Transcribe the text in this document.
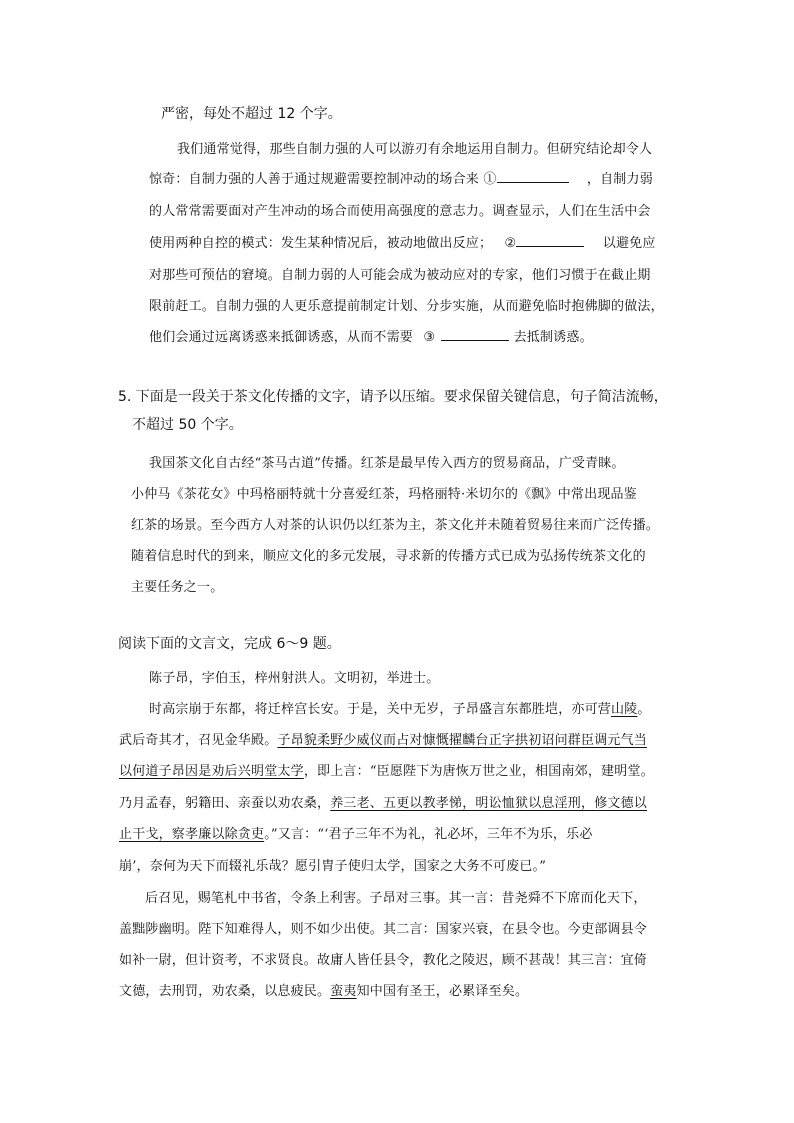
严密，每处不超过 12 个字。
我们通常觉得，那些自制力强的人可以游刃有余地运用自制力。但研究结论却令人
惊奇：自制力强的人善于通过规避需要控制冲动的场合来 ①	，自制力弱
的人常常需要面对产生冲动的场合而使用高强度的意志力。调查显示，人们在生活中会
使用两种自控的模式：发生某种情况后，被动地做出反应； ②	以避免应
对那些可预估的窘境。自制力弱的人可能会成为被动应对的专家，他们习惯于在截止期
限前赶工。自制力强的人更乐意提前制定计划、分步实施，从而避免临时抱佛脚的做法，
他们会通过远离诱惑来抵御诱惑，从而不需要 ③	去抵制诱惑。
5. 下面是一段关于茶文化传播的文字，请予以压缩。要求保留关键信息，句子简洁流畅，
不超过 50 个字。
我国茶文化自古经“茶马古道”传播。红茶是最早传入西方的贸易商品，广受青睐。
小仲马《茶花女》中玛格丽特就十分喜爱红茶，玛格丽特·米切尔的《飘》中常出现品鉴
红茶的场景。至今西方人对茶的认识仍以红茶为主，茶文化并未随着贸易往来而广泛传播。
随着信息时代的到来，顺应文化的多元发展，寻求新的传播方式已成为弘扬传统茶文化的
主要任务之一。
阅读下面的文言文，完成 6～9 题。
陈子昂，字伯玉，梓州射洪人。文明初，举进士。
时高宗崩于东都，将迁梓宫长安。于是，关中无岁，子昂盛言东都胜垲，亦可营山陵。
武后奇其才，召见金华殿。子昂貌柔野少威仪而占对慷慨擢麟台正字拱初诏问群臣调元气当
以何道子昂因是劝后兴明堂太学，即上言：“臣愿陛下为唐恢万世之业，相国南郊，建明堂。
乃月孟春，躬籍田、亲蚕以劝农桑，养三老、五更以教孝悌，明讼恤狱以息淫刑，修文德以
止干戈，察孝廉以除贪吏。”又言：“‘君子三年不为礼，礼必坏，三年不为乐，乐必
崩’，奈何为天下而辍礼乐哉？愿引胄子使归太学，国家之大务不可废已。”
后召见，赐笔札中书省，令条上利害。子昂对三事。其一言：昔尧舜不下席而化天下，
盖黜陟幽明。陛下知难得人，则不如少出使。其二言：国家兴衰，在县令也。今吏部调县令
如补一尉，但计资考，不求贤良。故庸人皆任县令，教化之陵迟，顾不甚哉！其三言：宜倚
文德，去刑罚，劝农桑，以息疲民。蛮夷知中国有圣王，必累译至矣。
